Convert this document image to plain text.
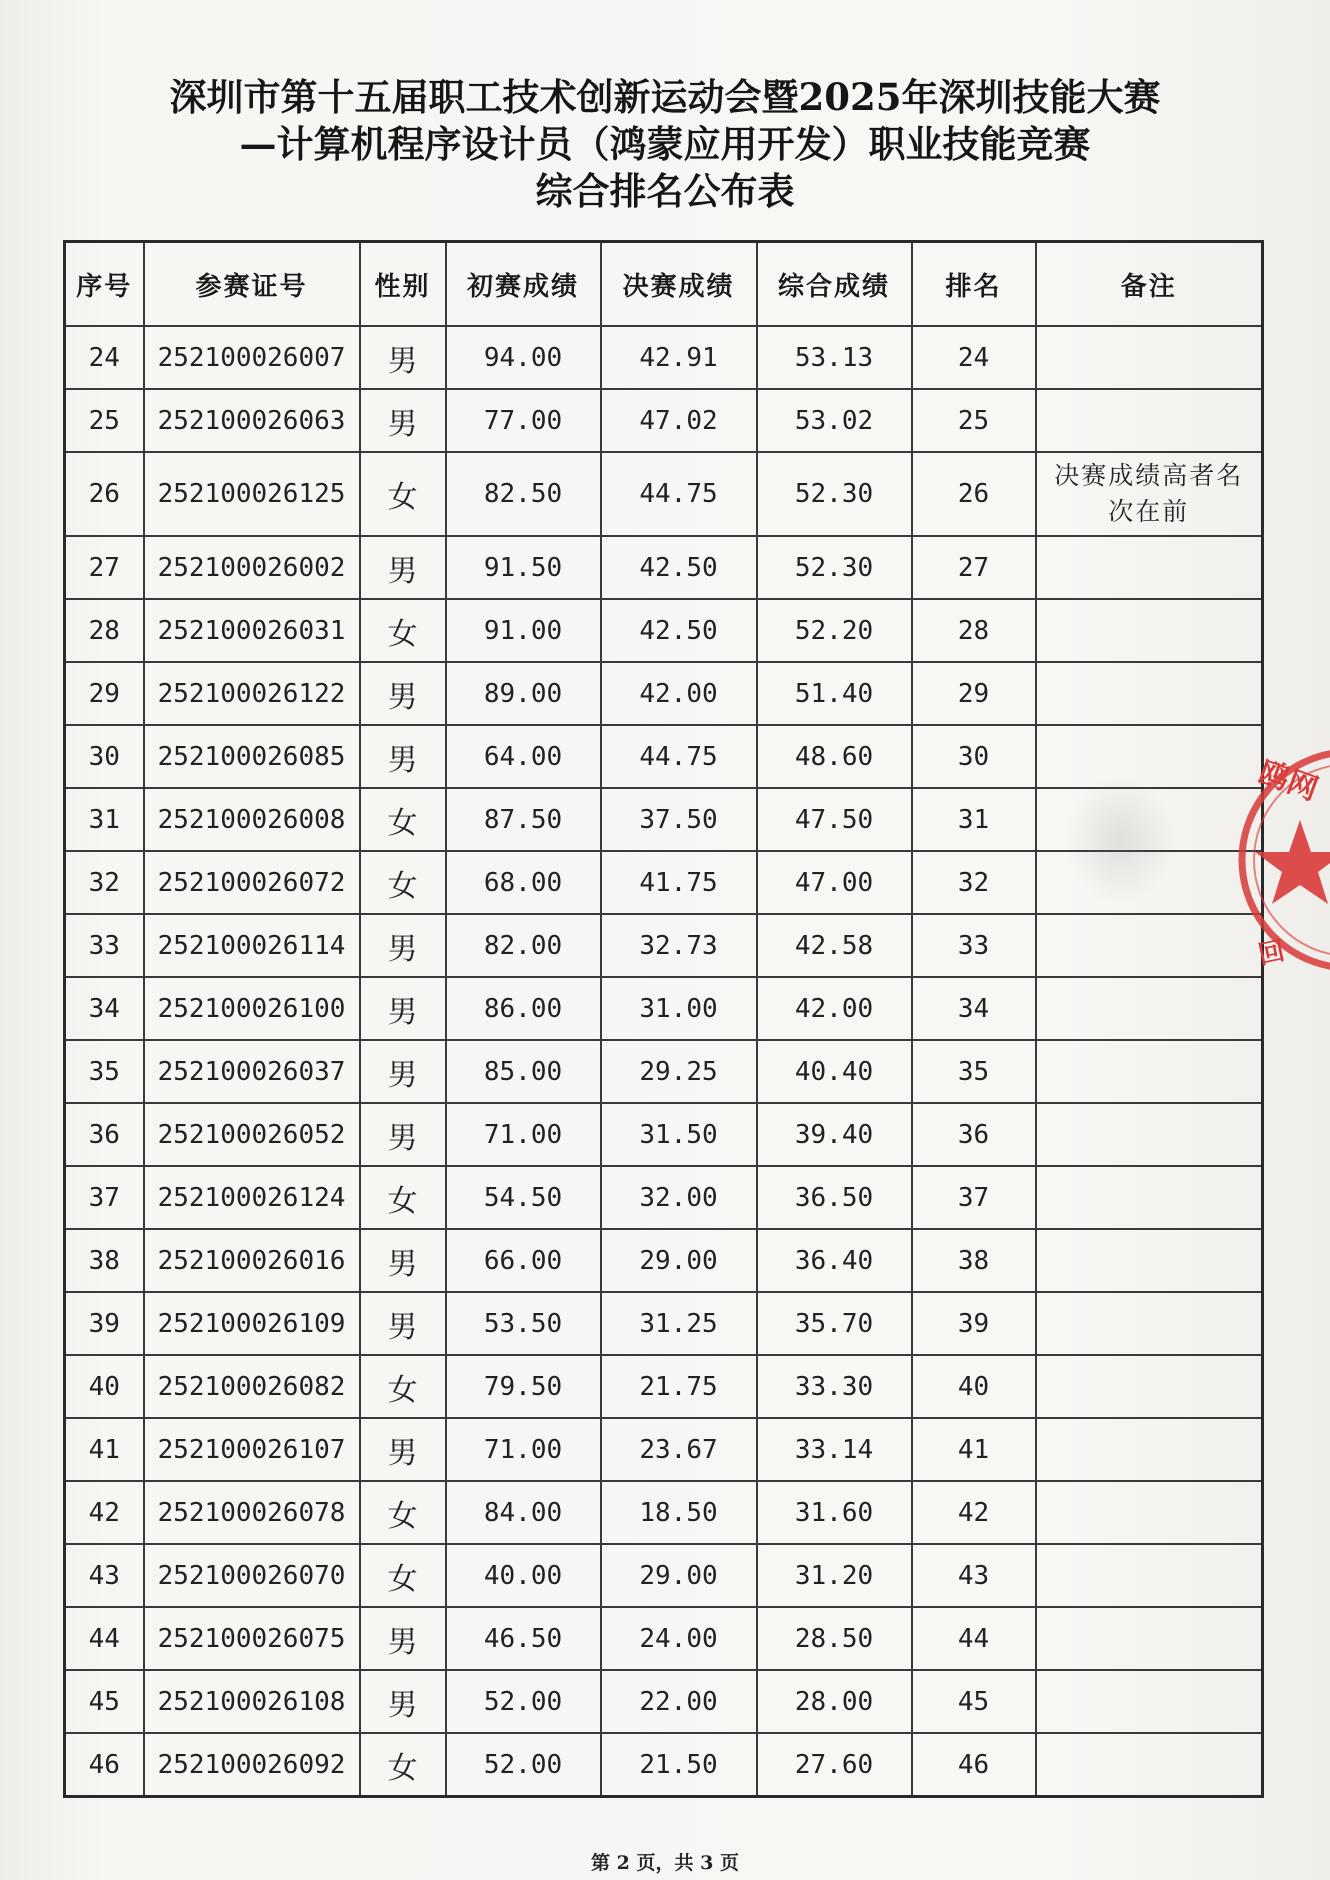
深圳市第十五届职工技术创新运动会暨2025年深圳技能大赛
—计算机程序设计员（鸿蒙应用开发）职业技能竞赛
综合排名公布表
序号	参赛证号	性别	初赛成绩	决赛成绩	综合成绩	排名	备注
24	252100026007	男	94.00	42.91	53.13	24	
25	252100026063	男	77.00	47.02	53.02	25	
26	252100026125	女	82.50	44.75	52.30	26	决赛成绩高者名次在前
27	252100026002	男	91.50	42.50	52.30	27	
28	252100026031	女	91.00	42.50	52.20	28	
29	252100026122	男	89.00	42.00	51.40	29	
30	252100026085	男	64.00	44.75	48.60	30	
31	252100026008	女	87.50	37.50	47.50	31	
32	252100026072	女	68.00	41.75	47.00	32	
33	252100026114	男	82.00	32.73	42.58	33	
34	252100026100	男	86.00	31.00	42.00	34	
35	252100026037	男	85.00	29.25	40.40	35	
36	252100026052	男	71.00	31.50	39.40	36	
37	252100026124	女	54.50	32.00	36.50	37	
38	252100026016	男	66.00	29.00	36.40	38	
39	252100026109	男	53.50	31.25	35.70	39	
40	252100026082	女	79.50	21.75	33.30	40	
41	252100026107	男	71.00	23.67	33.14	41	
42	252100026078	女	84.00	18.50	31.60	42	
43	252100026070	女	40.00	29.00	31.20	43	
44	252100026075	男	46.50	24.00	28.50	44	
45	252100026108	男	52.00	22.00	28.00	45	
46	252100026092	女	52.00	21.50	27.60	46	
鸥网
回
第 2 页，共 3 页
